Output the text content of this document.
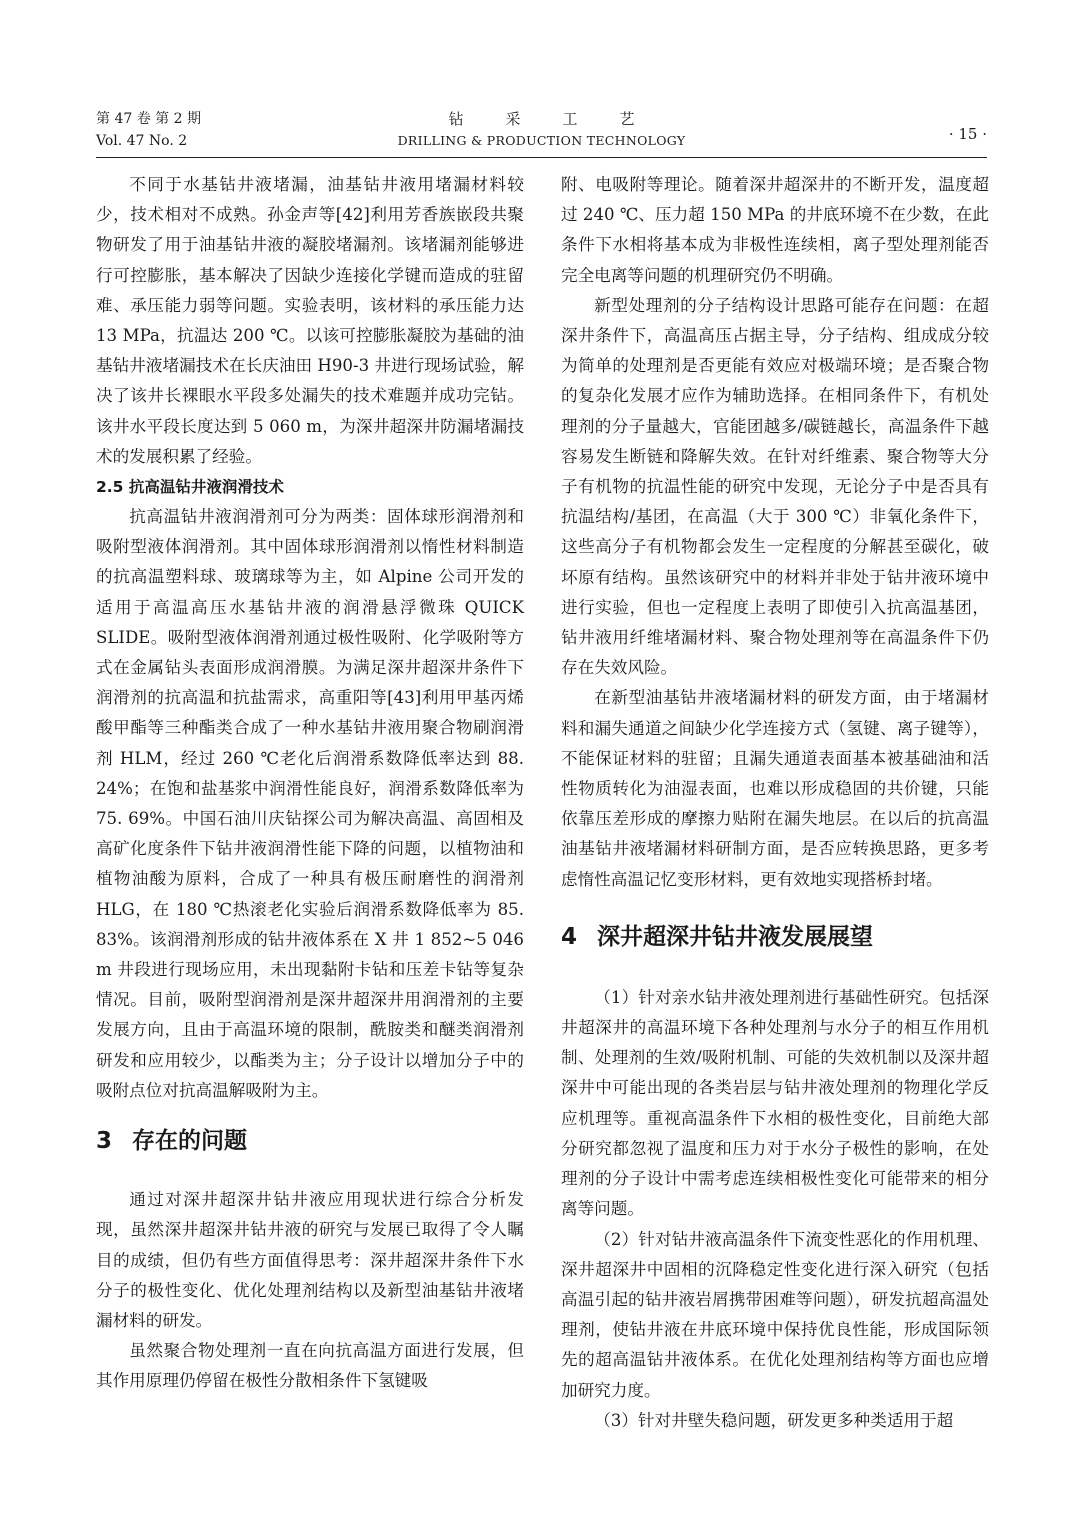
第 47 卷 第 2 期
Vol. 47 No. 2
钻采工艺
DRILLING & PRODUCTION TECHNOLOGY	· 15 ·

不同于水基钻井液堵漏，油基钻井液用堵漏材料较少，技术相对不成熟。孙金声等[42]利用芳香族嵌段共聚物研发了用于油基钻井液的凝胶堵漏剂。该堵漏剂能够进行可控膨胀，基本解决了因缺少连接化学键而造成的驻留难、承压能力弱等问题。实验表明，该材料的承压能力达 13 MPa，抗温达 200 ℃。以该可控膨胀凝胶为基础的油基钻井液堵漏技术在长庆油田 H90-3 井进行现场试验，解决了该井长裸眼水平段多处漏失的技术难题并成功完钻。该井水平段长度达到 5 060 m，为深井超深井防漏堵漏技术的发展积累了经验。

2.5 抗高温钻井液润滑技术

抗高温钻井液润滑剂可分为两类：固体球形润滑剂和吸附型液体润滑剂。其中固体球形润滑剂以惰性材料制造的抗高温塑料球、玻璃球等为主，如 Alpine 公司开发的适用于高温高压水基钻井液的润滑悬浮微珠 QUICK SLIDE。吸附型液体润滑剂通过极性吸附、化学吸附等方式在金属钻头表面形成润滑膜。为满足深井超深井条件下润滑剂的抗高温和抗盐需求，高重阳等[43]利用甲基丙烯酸甲酯等三种酯类合成了一种水基钻井液用聚合物刷润滑剂 HLM，经过 260 ℃老化后润滑系数降低率达到 88. 24%；在饱和盐基浆中润滑性能良好，润滑系数降低率为 75. 69%。中国石油川庆钻探公司为解决高温、高固相及高矿化度条件下钻井液润滑性能下降的问题，以植物油和植物油酸为原料，合成了一种具有极压耐磨性的润滑剂 HLG，在 180 ℃热滚老化实验后润滑系数降低率为 85. 83%。该润滑剂形成的钻井液体系在 X 井 1 852~5 046 m 井段进行现场应用，未出现黏附卡钻和压差卡钻等复杂情况。目前，吸附型润滑剂是深井超深井用润滑剂的主要发展方向，且由于高温环境的限制，酰胺类和醚类润滑剂研发和应用较少，以酯类为主；分子设计以增加分子中的吸附点位对抗高温解吸附为主。

3 存在的问题

通过对深井超深井钻井液应用现状进行综合分析发现，虽然深井超深井钻井液的研究与发展已取得了令人瞩目的成绩，但仍有些方面值得思考：深井超深井条件下水分子的极性变化、优化处理剂结构以及新型油基钻井液堵漏材料的研发。

虽然聚合物处理剂一直在向抗高温方面进行发展，但其作用原理仍停留在极性分散相条件下氢键吸

附、电吸附等理论。随着深井超深井的不断开发，温度超过 240 ℃、压力超 150 MPa 的井底环境不在少数，在此条件下水相将基本成为非极性连续相，离子型处理剂能否完全电离等问题的机理研究仍不明确。

新型处理剂的分子结构设计思路可能存在问题：在超深井条件下，高温高压占据主导，分子结构、组成成分较为简单的处理剂是否更能有效应对极端环境；是否聚合物的复杂化发展才应作为辅助选择。在相同条件下，有机处理剂的分子量越大，官能团越多/碳链越长，高温条件下越容易发生断链和降解失效。在针对纤维素、聚合物等大分子有机物的抗温性能的研究中发现，无论分子中是否具有抗温结构/基团，在高温（大于 300 ℃）非氧化条件下，这些高分子有机物都会发生一定程度的分解甚至碳化，破坏原有结构。虽然该研究中的材料并非处于钻井液环境中进行实验，但也一定程度上表明了即使引入抗高温基团，钻井液用纤维堵漏材料、聚合物处理剂等在高温条件下仍存在失效风险。

在新型油基钻井液堵漏材料的研发方面，由于堵漏材料和漏失通道之间缺少化学连接方式（氢键、离子键等），不能保证材料的驻留；且漏失通道表面基本被基础油和活性物质转化为油湿表面，也难以形成稳固的共价键，只能依靠压差形成的摩擦力贴附在漏失地层。在以后的抗高温油基钻井液堵漏材料研制方面，是否应转换思路，更多考虑惰性高温记忆变形材料，更有效地实现搭桥封堵。

4 深井超深井钻井液发展展望

（1）针对亲水钻井液处理剂进行基础性研究。包括深井超深井的高温环境下各种处理剂与水分子的相互作用机制、处理剂的生效/吸附机制、可能的失效机制以及深井超深井中可能出现的各类岩层与钻井液处理剂的物理化学反应机理等。重视高温条件下水相的极性变化，目前绝大部分研究都忽视了温度和压力对于水分子极性的影响，在处理剂的分子设计中需考虑连续相极性变化可能带来的相分离等问题。

（2）针对钻井液高温条件下流变性恶化的作用机理、深井超深井中固相的沉降稳定性变化进行深入研究（包括高温引起的钻井液岩屑携带困难等问题），研发抗超高温处理剂，使钻井液在井底环境中保持优良性能，形成国际领先的超高温钻井液体系。在优化处理剂结构等方面也应增加研究力度。

（3）针对井壁失稳问题，研发更多种类适用于超
